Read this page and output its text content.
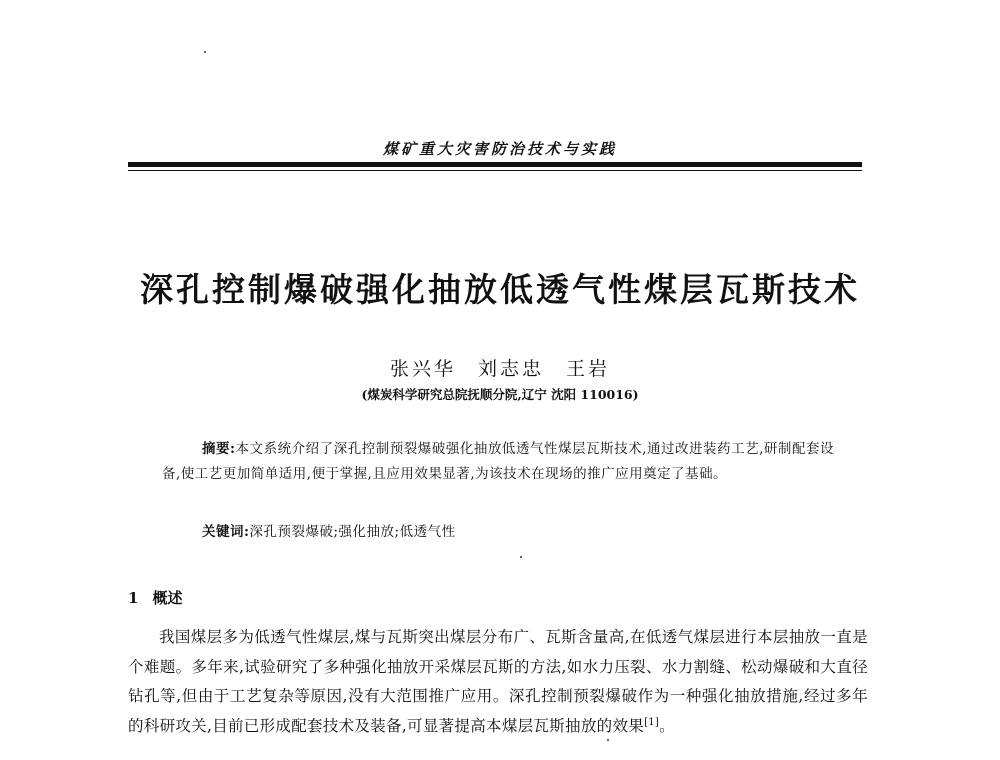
煤矿重大灾害防治技术与实践
深孔控制爆破强化抽放低透气性煤层瓦斯技术
张兴华 刘志忠 王岩
(煤炭科学研究总院抚顺分院,辽宁 沈阳 110016)
摘要:本文系统介绍了深孔控制预裂爆破强化抽放低透气性煤层瓦斯技术,通过改进装药工艺,研制配套设备,使工艺更加简单适用,便于掌握,且应用效果显著,为该技术在现场的推广应用奠定了基础。
关键词:深孔预裂爆破;强化抽放;低透气性
1 概述
我国煤层多为低透气性煤层,煤与瓦斯突出煤层分布广、瓦斯含量高,在低透气煤层进行本层抽放一直是个难题。多年来,试验研究了多种强化抽放开采煤层瓦斯的方法,如水力压裂、水力割缝、松动爆破和大直径钻孔等,但由于工艺复杂等原因,没有大范围推广应用。深孔控制预裂爆破作为一种强化抽放措施,经过多年的科研攻关,目前已形成配套技术及装备,可显著提高本煤层瓦斯抽放的效果[1]。
